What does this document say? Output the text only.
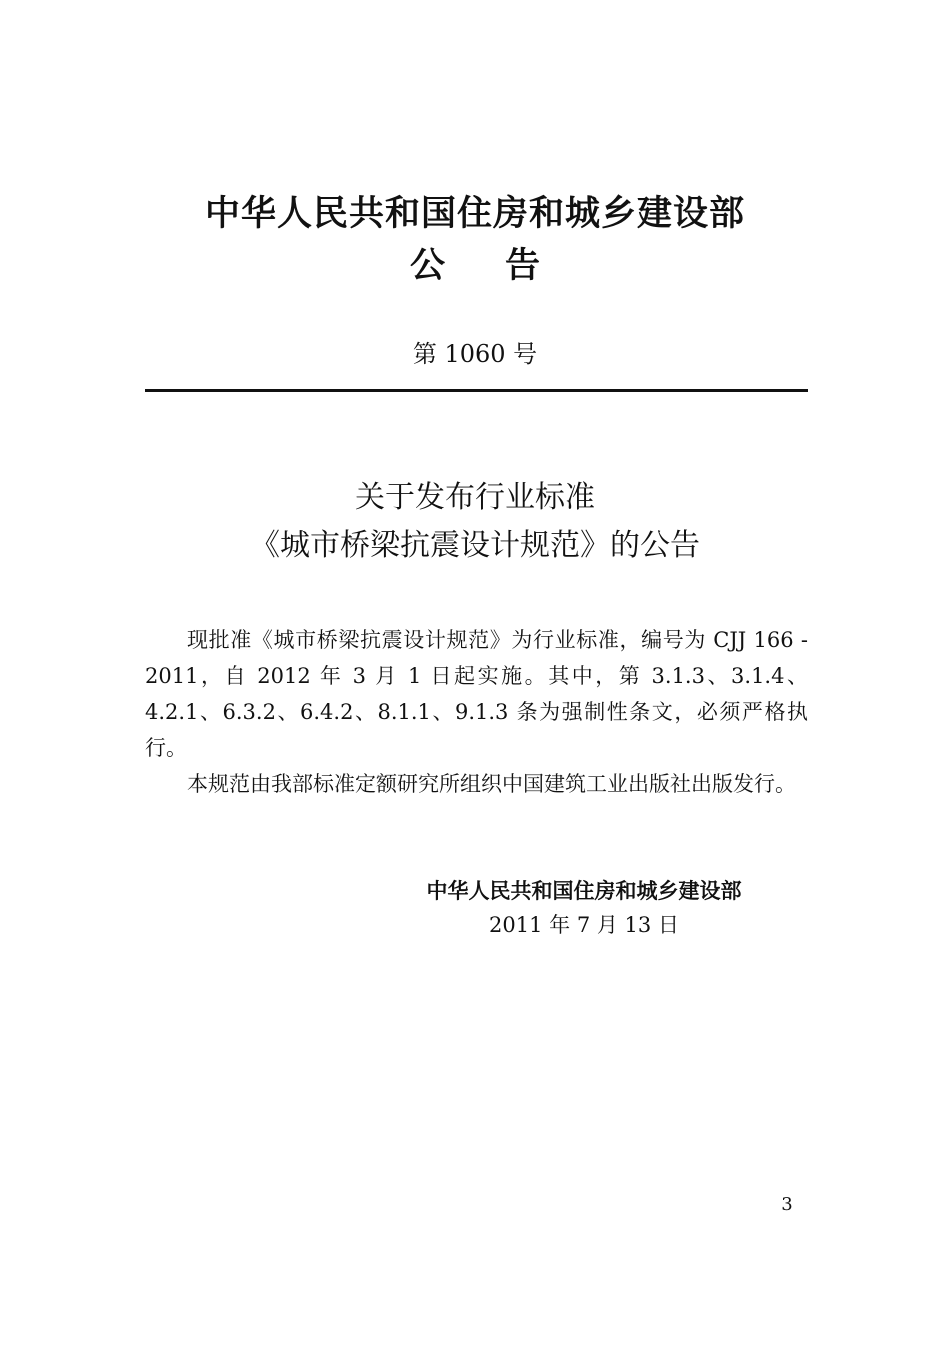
中华人民共和国住房和城乡建设部
公告
第 1060 号
关于发布行业标准
《城市桥梁抗震设计规范》的公告

现批准《城市桥梁抗震设计规范》为行业标准，编号为 CJJ 166 - 2011，自 2012 年 3 月 1 日起实施。其中，第 3.1.3、3.1.4、4.2.1、6.3.2、6.4.2、8.1.1、9.1.3 条为强制性条文，必须严格执行。

本规范由我部标准定额研究所组织中国建筑工业出版社出版发行。

中华人民共和国住房和城乡建设部
2011 年 7 月 13 日
3
